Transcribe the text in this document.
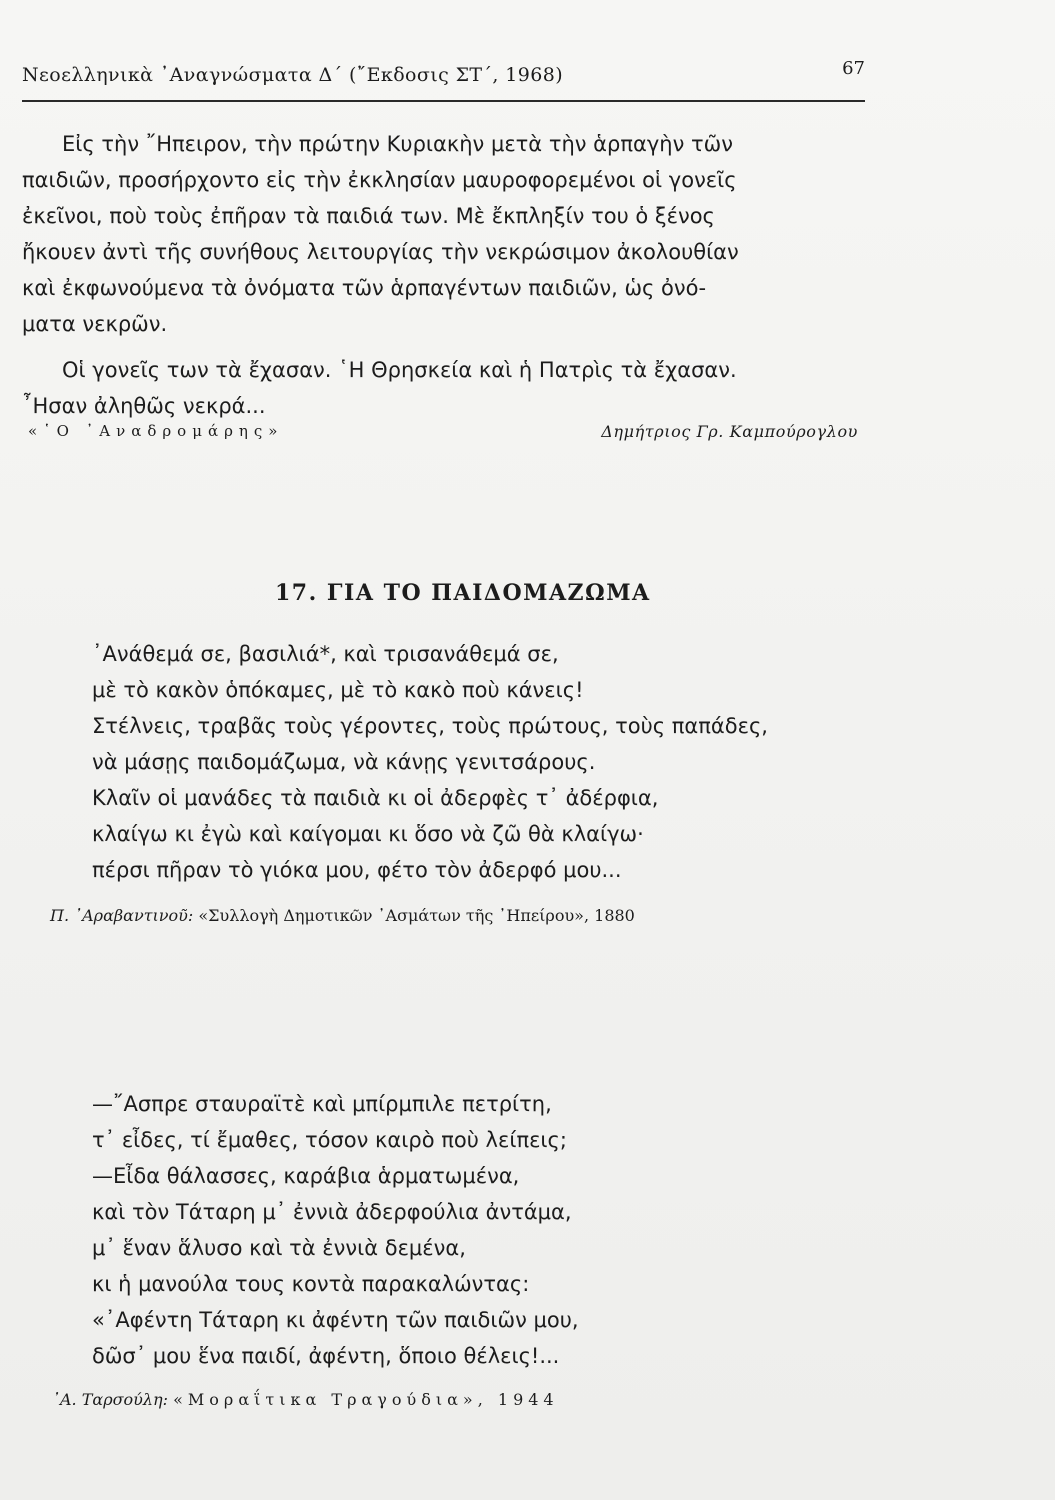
Νεοελληνικὰ ᾿Αναγνώσματα Δ΄ (῎Εκδοσις ΣΤ΄, 1968)	67
Εἰς τὴν ῎Ηπειρον, τὴν πρώτην Κυριακὴν μετὰ τὴν ἁρπαγὴν τῶν
παιδιῶν, προσήρχοντο εἰς τὴν ἐκκλησίαν μαυροφορεμένοι οἱ γονεῖς
ἐκεῖνοι, ποὺ τοὺς ἐπῆραν τὰ παιδιά των. Μὲ ἔκπληξίν του ὁ ξένος
ἤκουεν ἀντὶ τῆς συνήθους λειτουργίας τὴν νεκρώσιμον ἀκολουθίαν
καὶ ἐκφωνούμενα τὰ ὀνόματα τῶν ἁρπαγέντων παιδιῶν, ὡς ὀνό-
ματα νεκρῶν.
Οἱ γονεῖς των τὰ ἔχασαν. ῾Η Θρησκεία καὶ ἡ Πατρὶς τὰ ἔχασαν.
῏Ησαν ἀληθῶς νεκρά...
«῾Ο ᾿Αναδρομάρης»	Δημήτριος Γρ. Καμπούρογλου
17. ΓΙΑ ΤΟ ΠΑΙΔΟΜΑΖΩΜΑ
᾿Ανάθεμά σε, βασιλιά*, καὶ τρισανάθεμά σε,
μὲ τὸ κακὸν ὁπόκαμες, μὲ τὸ κακὸ ποὺ κάνεις!
Στέλνεις, τραβᾶς τοὺς γέροντες, τοὺς πρώτους, τοὺς παπάδες,
νὰ μάσῃς παιδομάζωμα, νὰ κάνῃς γενιτσάρους.
Κλαῖν οἱ μανάδες τὰ παιδιὰ κι οἱ ἀδερφὲς τ᾿ ἀδέρφια,
κλαίγω κι ἐγὼ καὶ καίγομαι κι ὅσο νὰ ζῶ θὰ κλαίγω·
πέρσι πῆραν τὸ γιόκα μου, φέτο τὸν ἀδερφό μου...
Π. ᾿Αραβαντινοῦ: «Συλλογὴ Δημοτικῶν ᾿Ασμάτων τῆς ᾿Ηπείρου», 1880
—῎Ασπρε σταυραϊτὲ καὶ μπίρμπιλε πετρίτη,
τ᾿ εἶδες, τί ἔμαθες, τόσον καιρὸ ποὺ λείπεις;
—Εἶδα θάλασσες, καράβια ἁρματωμένα,
καὶ τὸν Τάταρη μ᾿ ἐννιὰ ἀδερφούλια ἀντάμα,
μ᾿ ἕναν ἅλυσο καὶ τὰ ἐννιὰ δεμένα,
κι ἡ μανούλα τους κοντὰ παρακαλώντας:
«᾿Αφέντη Τάταρη κι ἀφέντη τῶν παιδιῶν μου,
δῶσ᾿ μου ἕνα παιδί, ἀφέντη, ὅποιο θέλεις!...
᾿Α. Ταρσούλη: «Μοραΐτικα Τραγούδια», 1944
